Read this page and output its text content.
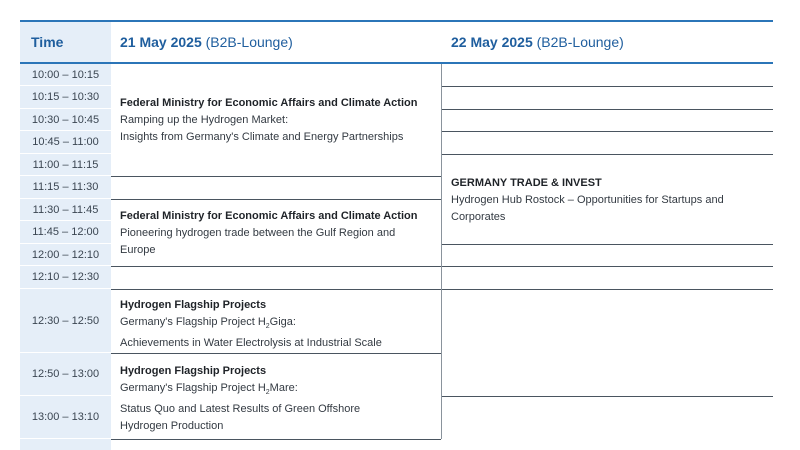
Time	21 May 2025 (B2B-Lounge)	22 May 2025 (B2B-Lounge)
10:00 – 10:15
10:15 – 10:30
10:30 – 10:45
10:45 – 11:00
11:00 – 11:15
11:15 – 11:30
11:30 – 11:45
11:45 – 12:00
12:00 – 12:10
12:10 – 12:30
12:30 – 12:50
12:50 – 13:00
13:00 – 13:10
Federal Ministry for Economic Affairs and Climate Action
Ramping up the Hydrogen Market:
Insights from Germany's Climate and Energy Partnerships
Federal Ministry for Economic Affairs and Climate Action
Pioneering hydrogen trade between the Gulf Region and
Europe
Hydrogen Flagship Projects
Germany's Flagship Project $H_2Giga$:
Achievements in Water Electrolysis at Industrial Scale
Hydrogen Flagship Projects
Germany's Flagship Project $H_2Mare$:
Status Quo and Latest Results of Green Offshore
Hydrogen Production
GERMANY TRADE & INVEST
Hydrogen Hub Rostock – Opportunities for Startups and
Corporates
